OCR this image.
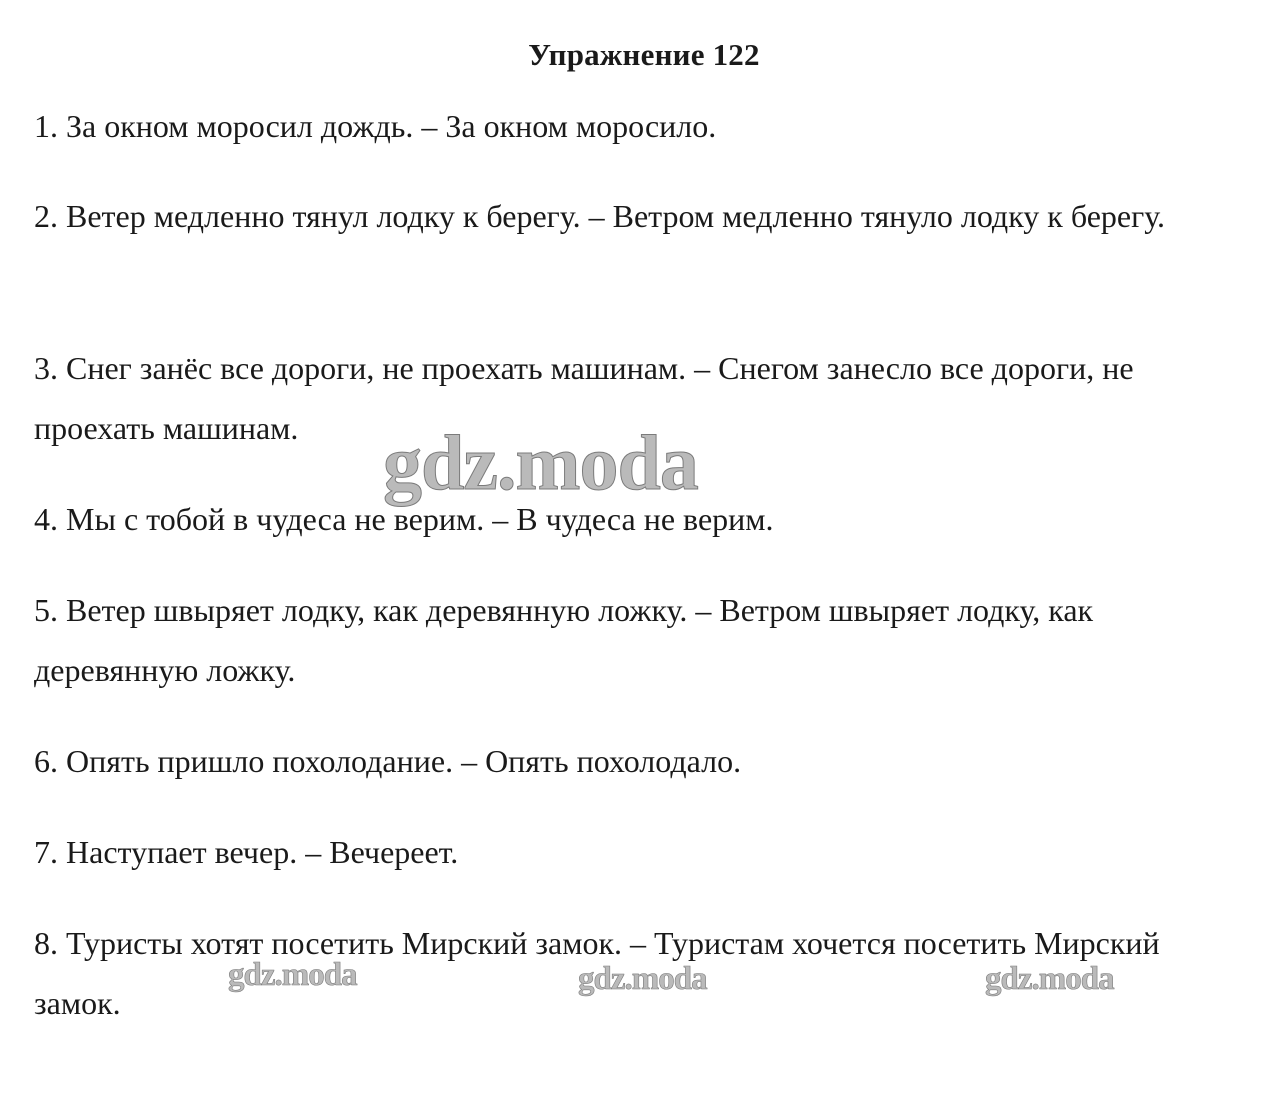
Упражнение 122

1. За окном моросил дождь. – За окном моросило.

2. Ветер медленно тянул лодку к берегу. – Ветром медленно тянуло лодку к берегу.

3. Снег занёс все дороги, не проехать машинам. – Снегом занесло все дороги, не проехать машинам.

4. Мы с тобой в чудеса не верим. – В чудеса не верим.

5. Ветер швыряет лодку, как деревянную ложку. – Ветром швыряет лодку, как деревянную ложку.

6. Опять пришло похолодание. – Опять похолодало.

7. Наступает вечер. – Вечереет.

8. Туристы хотят посетить Мирский замок. – Туристам хочется посетить Мирский замок.

gdz.moda
gdz.moda	gdz.moda	gdz.moda
